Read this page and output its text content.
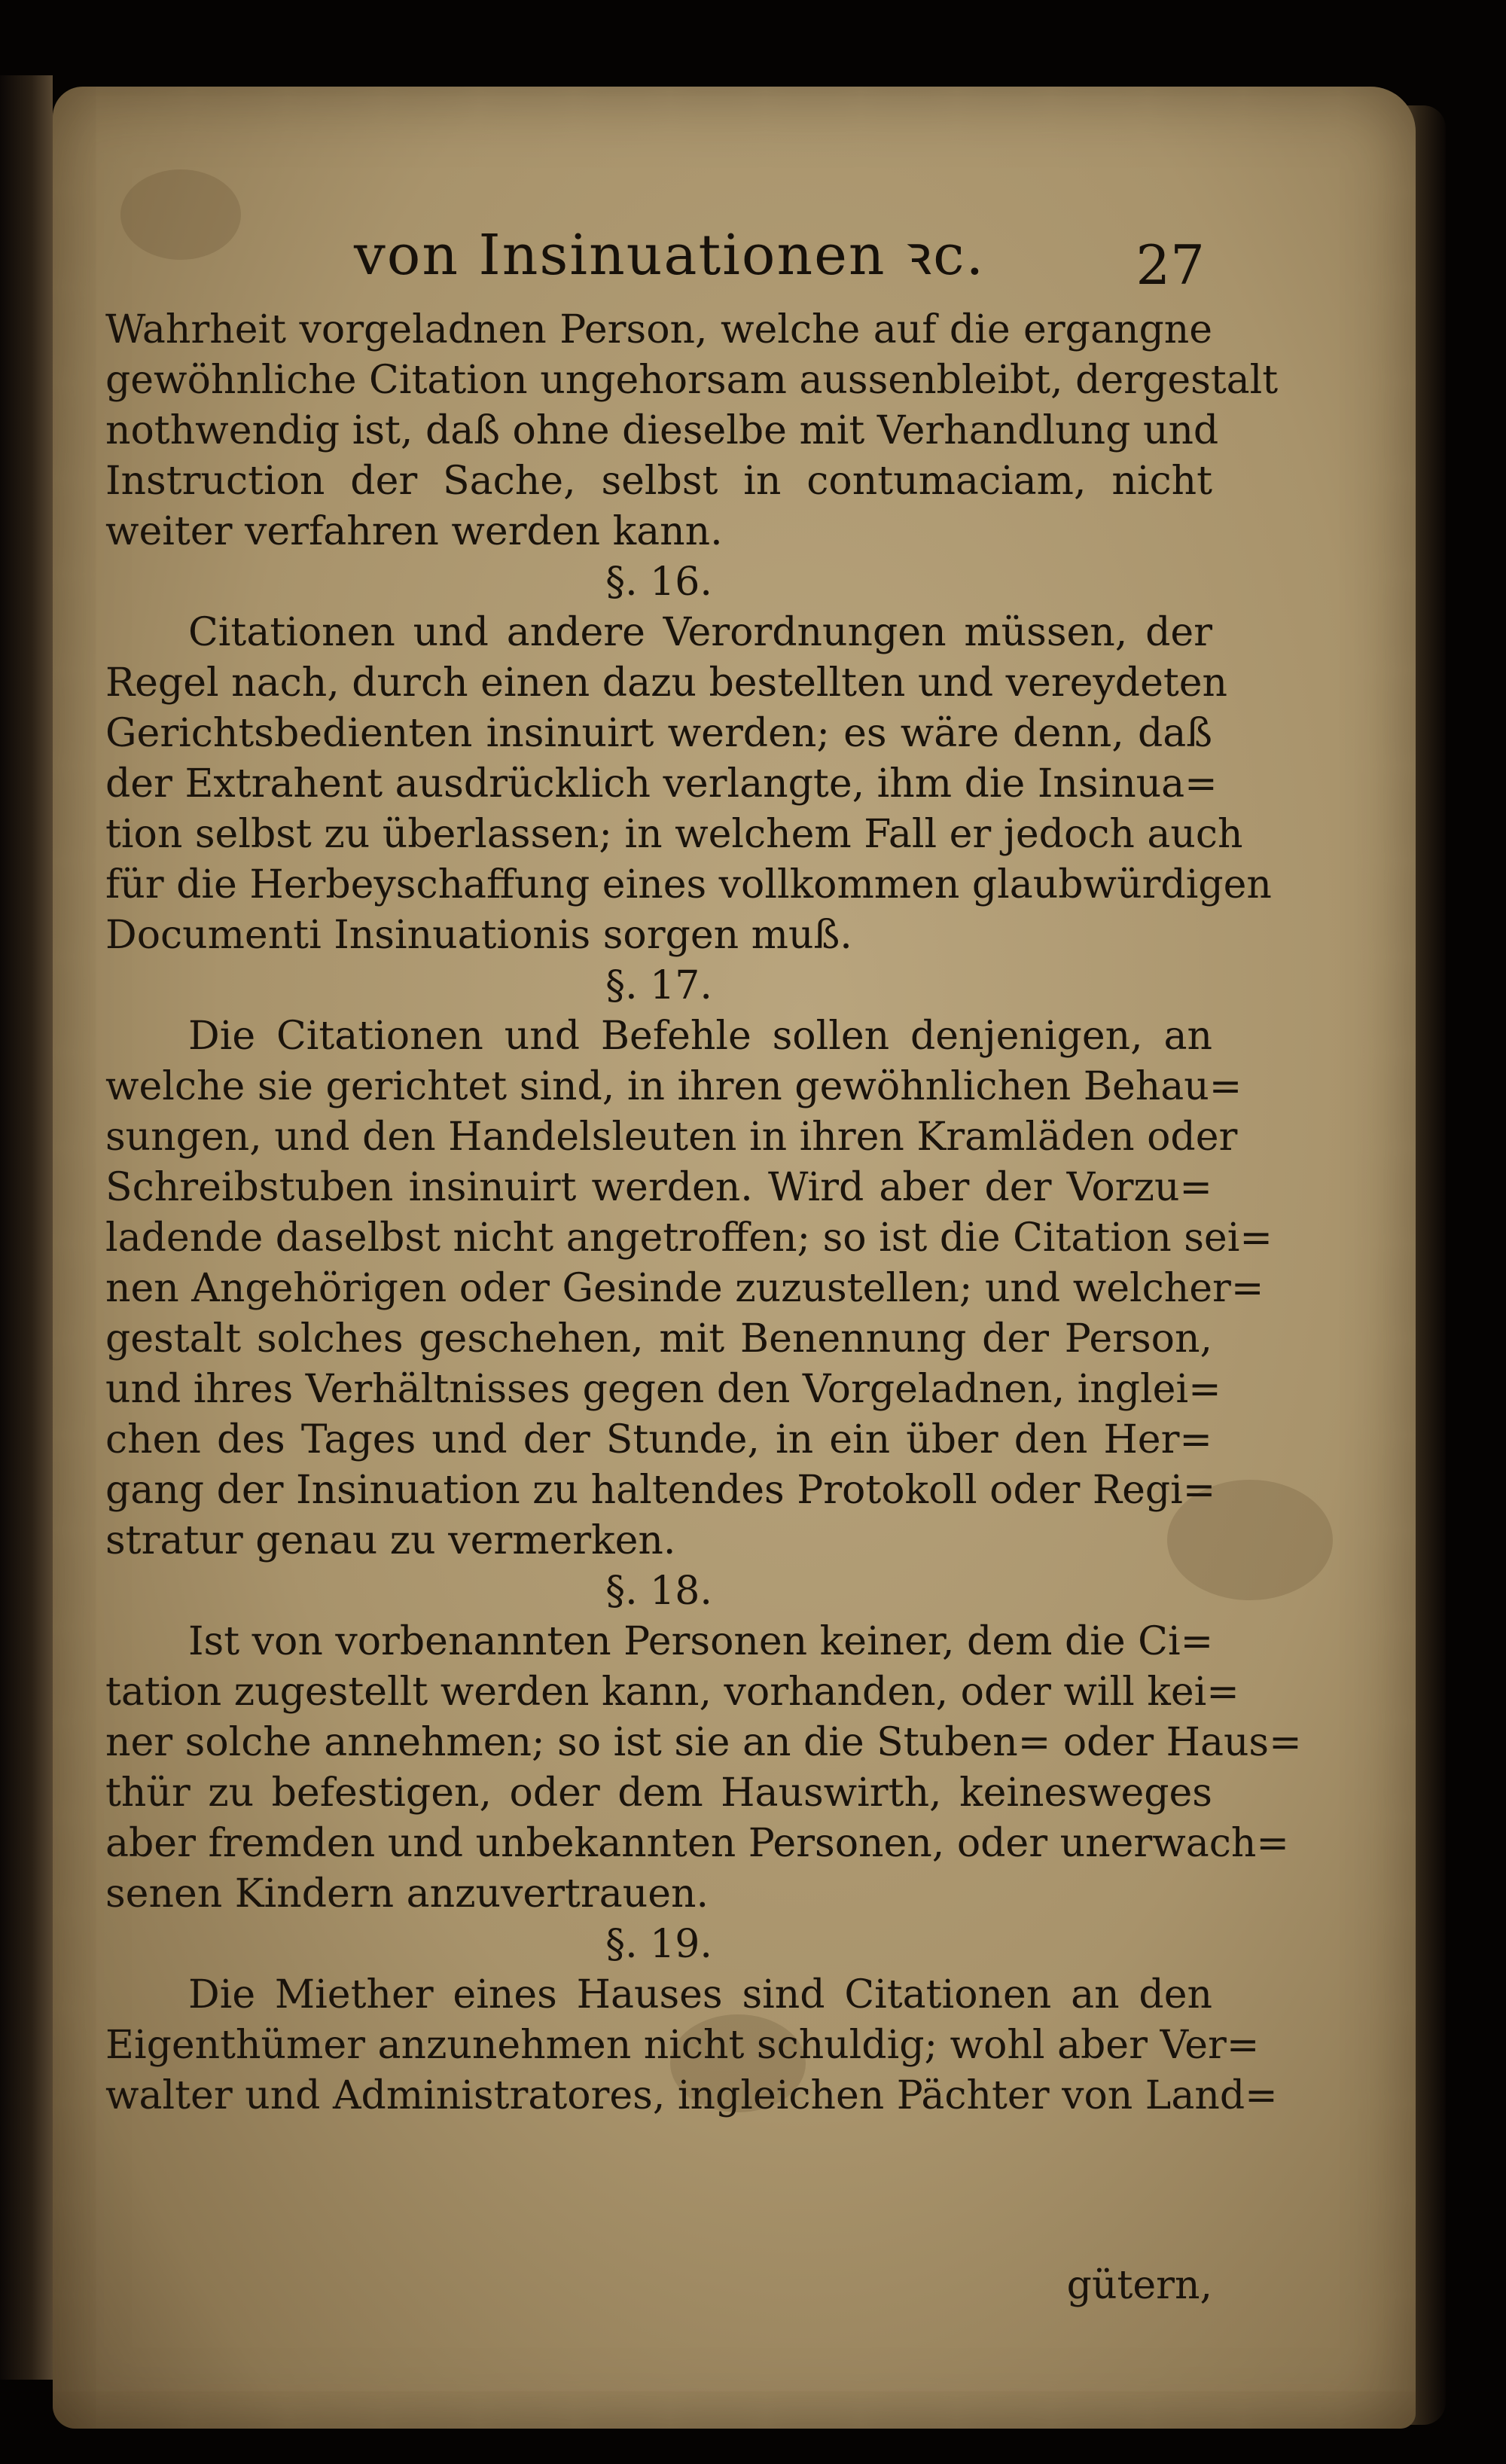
von Insinuationen ꝛc.	27
Wahrheit vorgeladnen Person, welche auf die ergangne
gewöhnliche Citation ungehorsam aussenbleibt, dergestalt
nothwendig ist, daß ohne dieselbe mit Verhandlung und
Instruction der Sache, selbst in contumaciam, nicht
weiter verfahren werden kann.
§. 16.
Citationen und andere Verordnungen müssen, der
Regel nach, durch einen dazu bestellten und vereydeten
Gerichtsbedienten insinuirt werden; es wäre denn, daß
der Extrahent ausdrücklich verlangte, ihm die Insinua=
tion selbst zu überlassen; in welchem Fall er jedoch auch
für die Herbeyschaffung eines vollkommen glaubwürdigen
Documenti Insinuationis sorgen muß.
§. 17.
Die Citationen und Befehle sollen denjenigen, an
welche sie gerichtet sind, in ihren gewöhnlichen Behau=
sungen, und den Handelsleuten in ihren Kramläden oder
Schreibstuben insinuirt werden. Wird aber der Vorzu=
ladende daselbst nicht angetroffen; so ist die Citation sei=
nen Angehörigen oder Gesinde zuzustellen; und welcher=
gestalt solches geschehen, mit Benennung der Person,
und ihres Verhältnisses gegen den Vorgeladnen, inglei=
chen des Tages und der Stunde, in ein über den Her=
gang der Insinuation zu haltendes Protokoll oder Regi=
stratur genau zu vermerken.
§. 18.
Ist von vorbenannten Personen keiner, dem die Ci=
tation zugestellt werden kann, vorhanden, oder will kei=
ner solche annehmen; so ist sie an die Stuben= oder Haus=
thür zu befestigen, oder dem Hauswirth, keinesweges
aber fremden und unbekannten Personen, oder unerwach=
senen Kindern anzuvertrauen.
§. 19.
Die Miether eines Hauses sind Citationen an den
Eigenthümer anzunehmen nicht schuldig; wohl aber Ver=
walter und Administratores, ingleichen Pächter von Land=
gütern,
